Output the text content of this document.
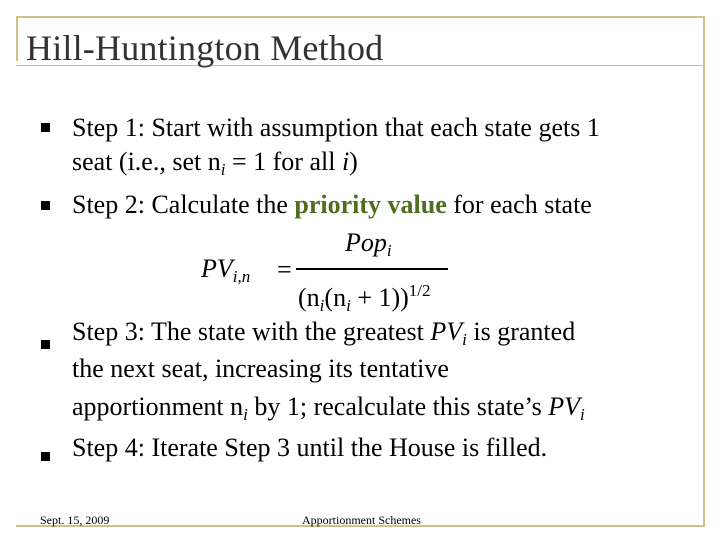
Hill-Huntington Method
Step 1: Start with assumption that each state gets 1
seat (i.e., set $n_i = 1$ for all i)
Step 2: Calculate the priority value for each state
$PV_{i,n}$ =
Pop$_i$
$(n_i(n_i + 1))^{1/2}$
Step 3: The state with the greatest $PV_i$ is granted
the next seat, increasing its tentative
apportionment $n_i$ by 1; recalculate this state’s $PV_i$
Step 4: Iterate Step 3 until the House is filled.
Sept. 15, 2009	Apportionment Schemes
